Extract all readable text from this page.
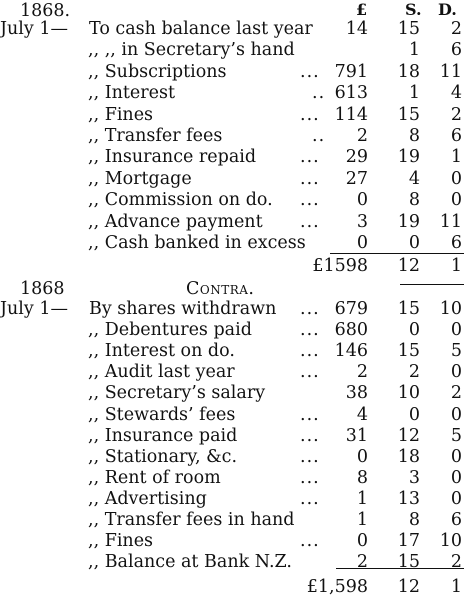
1868.	£ S. D.
July 1— To cash balance last year 14	15	2
,, ,, in Secretary’s hand	1	6
,, Subscriptions	... 791	18 11
,, Interest	.. 613	1	4
,, Fines	... 114	15	2
,, Transfer fees	.. 2	8	6
,, Insurance repaid	... 29	19	1
,, Mortgage	... 27	4	0
,, Commission on do. ... 0	8	0
,, Advance payment ... 3	19 11
,, Cash banked in excess	0	0	6
£1598	12	1
1868	Contra.
July 1— By shares withdrawn ... 679	15 10
,, Debentures paid	... 680	0	0
,, Interest on do.	... 146	15	5
,, Audit last year	... 2	2	0
,, Secretary’s salary	38	10	2
,, Stewards’ fees	... 4	0	0
,, Insurance paid	... 31	12	5
,, Stationary, &c.	... 0	18	0
,, Rent of room	... 8	3	0
,, Advertising	... 1	13	0
,, Transfer fees in hand	1	8	6
,, Fines	... 0	17 10
,, Balance at Bank N.Z.	2	15	2
£1,598	12	1
